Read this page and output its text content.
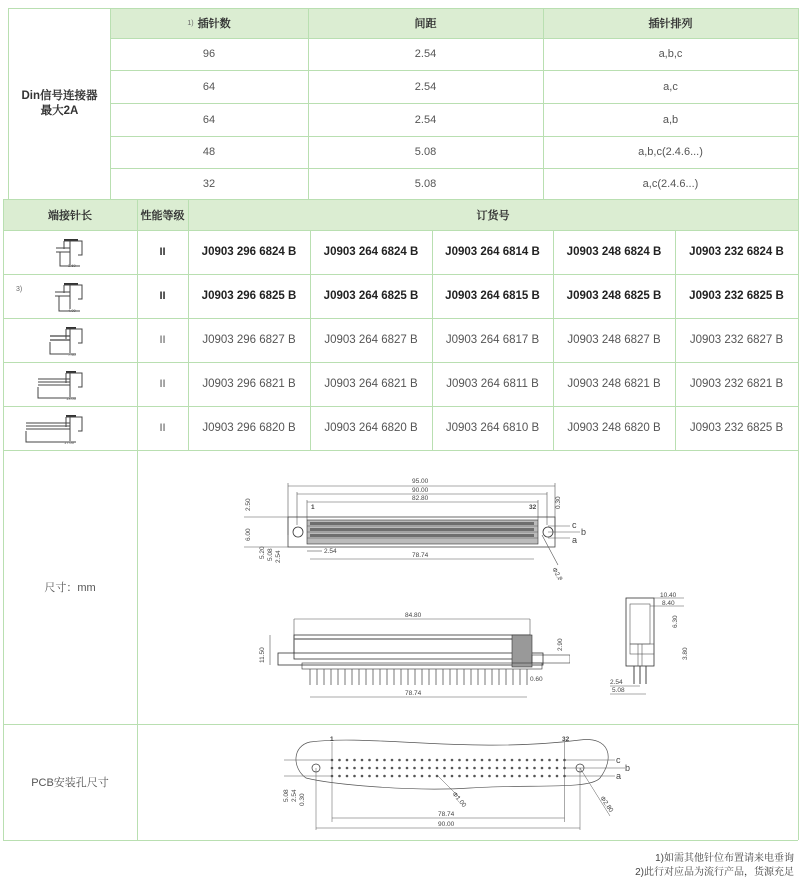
Din信号连接器
最大2A
1) 插针数	间距	插针排列
96	2.54	a,b,c
64	2.54	a,c
64	2.54	a,b
48	5.08	a,b,c(2.4.6...)
32	5.08	a,c(2.4.6...)
端接针长	性能等级	订货号
3.60
II	J0903 296 6824 B	J0903 264 6824 B	J0903 264 6814 B	J0903 248 6824 B	J0903 232 6824 B
3)
4.00
II	J0903 296 6825 B	J0903 264 6825 B	J0903 264 6815 B	J0903 248 6825 B	J0903 232 6825 B
7.40
II	J0903 296 6827 B	J0903 264 6827 B	J0903 264 6817 B	J0903 248 6827 B	J0903 232 6827 B
13.00
II	J0903 296 6821 B	J0903 264 6821 B	J0903 264 6811 B	J0903 248 6821 B	J0903 232 6821 B
17.00
II	J0903 296 6820 B	J0903 264 6820 B	J0903 264 6810 B	J0903 248 6820 B	J0903 232 6825 B
尺寸：mm
95.00
90.00
82.80
1	32
c
b
a
2.50	0.30
6.00
5.20 5.08 2.54	2.54
78.74
Φ2.80
84.80
78.74
11.50
2.90
0.60
10.40
8.40
6.30
3.80
2.54
5.08
PCB安装孔尺寸
1	32
c
b
a
78.74
90.00
Φ1.00	Φ2.80
5.08 2.54 0.30
1)如需其他针位布置请来电垂询
2)此行对应品为流行产品，货源充足
